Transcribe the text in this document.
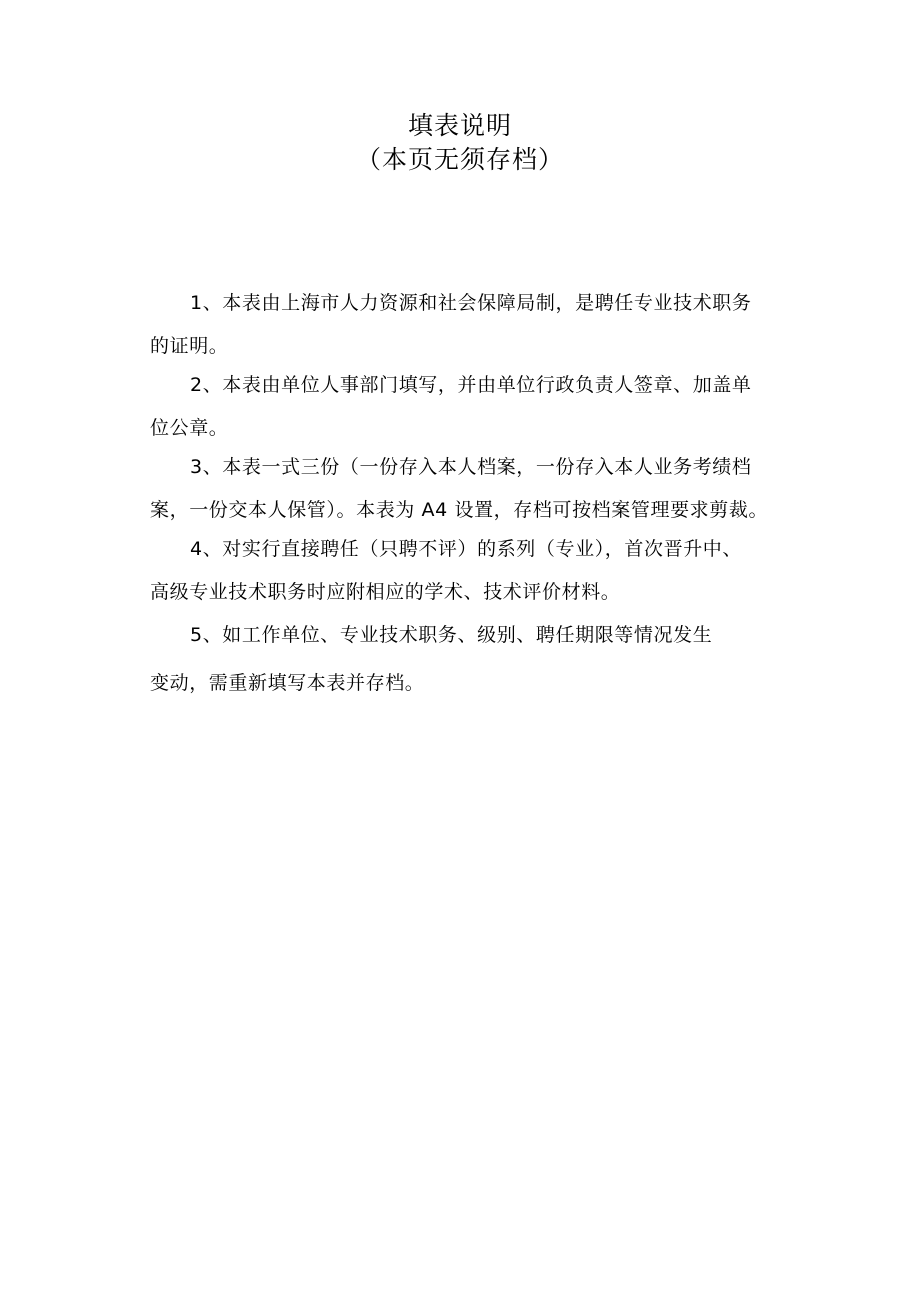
填表说明
（本页无须存档）
1、本表由上海市人力资源和社会保障局制，是聘任专业技术职务
的证明。
2、本表由单位人事部门填写，并由单位行政负责人签章、加盖单
位公章。
3、本表一式三份（一份存入本人档案，一份存入本人业务考绩档
案，一份交本人保管）。本表为 A4 设置，存档可按档案管理要求剪裁。
4、对实行直接聘任（只聘不评）的系列（专业），首次晋升中、
高级专业技术职务时应附相应的学术、技术评价材料。
5、如工作单位、专业技术职务、级别、聘任期限等情况发生
变动，需重新填写本表并存档。
